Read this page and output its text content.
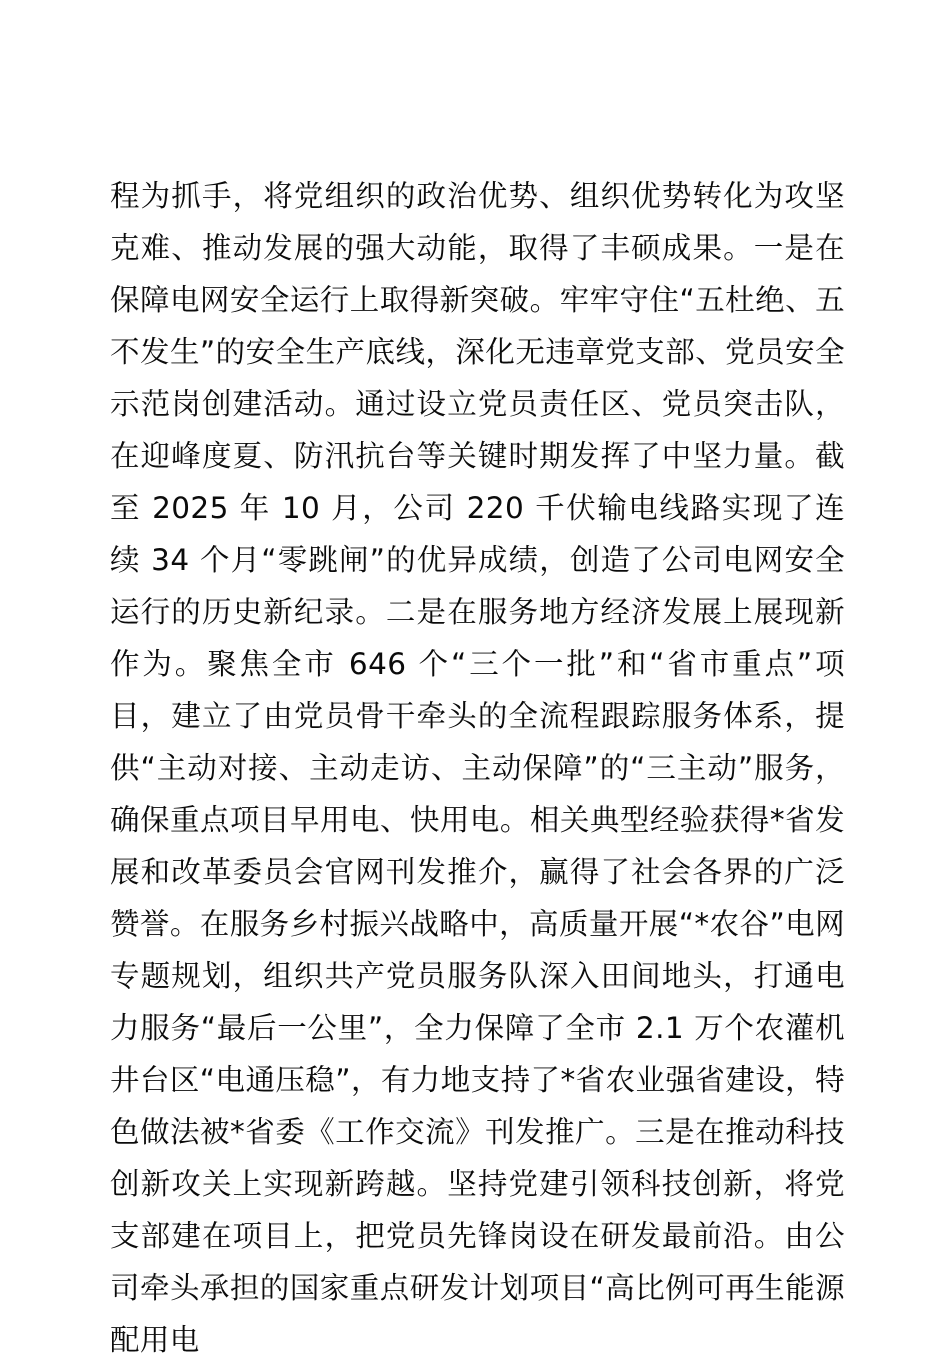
程为抓手，将党组织的政治优势、组织优势转化为攻坚克难、推动发展的强大动能，取得了丰硕成果。一是在保障电网安全运行上取得新突破。牢牢守住“五杜绝、五不发生”的安全生产底线，深化无违章党支部、党员安全示范岗创建活动。通过设立党员责任区、党员突击队，在迎峰度夏、防汛抗台等关键时期发挥了中坚力量。截至 2025 年 10 月，公司 220 千伏输电线路实现了连续 34 个月“零跳闸”的优异成绩，创造了公司电网安全运行的历史新纪录。二是在服务地方经济发展上展现新作为。聚焦全市 646 个“三个一批”和“省市重点”项目，建立了由党员骨干牵头的全流程跟踪服务体系，提供“主动对接、主动走访、主动保障”的“三主动”服务，确保重点项目早用电、快用电。相关典型经验获得*省发展和改革委员会官网刊发推介，赢得了社会各界的广泛赞誉。在服务乡村振兴战略中，高质量开展“*农谷”电网专题规划，组织共产党员服务队深入田间地头，打通电力服务“最后一公里”，全力保障了全市 2.1 万个农灌机井台区“电通压稳”，有力地支持了*省农业强省建设，特色做法被*省委《工作交流》刊发推广。三是在推动科技创新攻关上实现新跨越。坚持党建引领科技创新，将党支部建在项目上，把党员先锋岗设在研发最前沿。由公司牵头承担的国家重点研发计划项目“高比例可再生能源配用电
